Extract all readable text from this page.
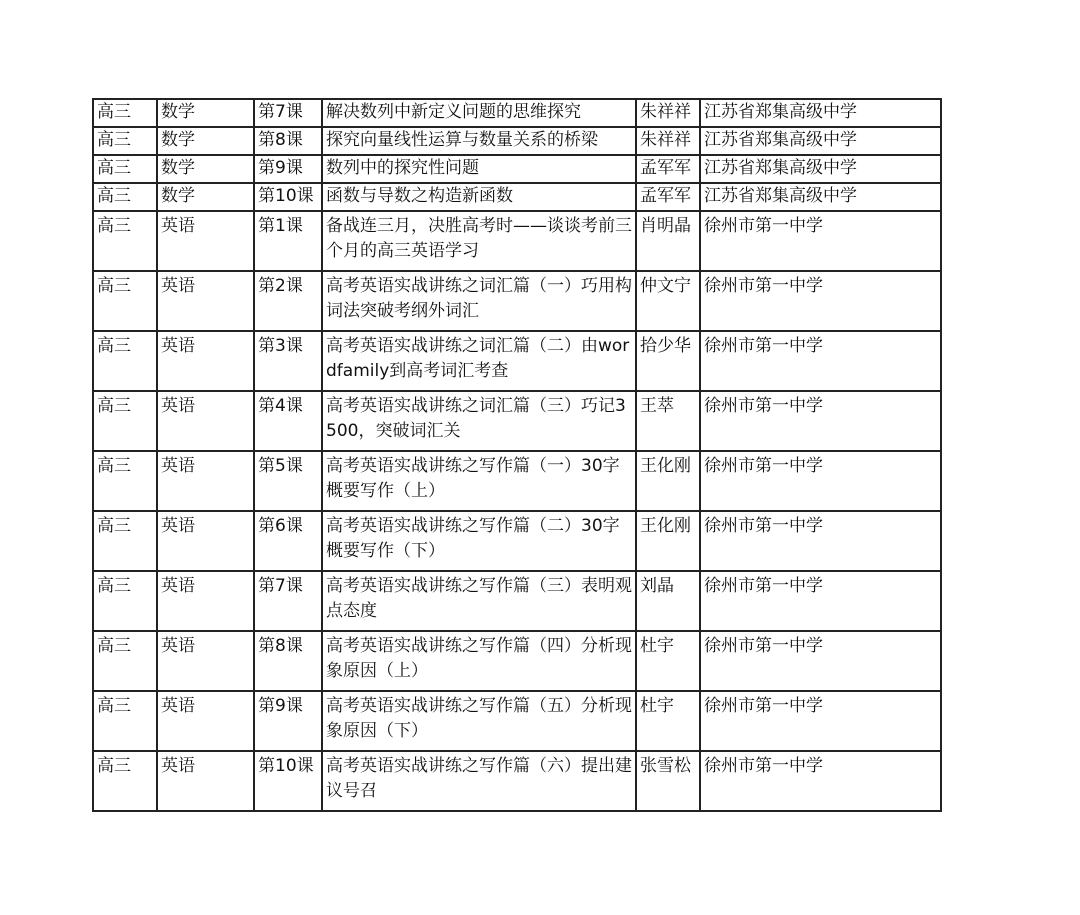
高三	数学	第7课	解决数列中新定义问题的思维探究	朱祥祥	江苏省郑集高级中学
高三	数学	第8课	探究向量线性运算与数量关系的桥梁	朱祥祥	江苏省郑集高级中学
高三	数学	第9课	数列中的探究性问题	孟军军	江苏省郑集高级中学
高三	数学	第10课	函数与导数之构造新函数	孟军军	江苏省郑集高级中学
高三	英语	第1课	备战连三月，决胜高考时——谈谈考前三个月的高三英语学习	肖明晶	徐州市第一中学
高三	英语	第2课	高考英语实战讲练之词汇篇（一）巧用构词法突破考纲外词汇	仲文宁	徐州市第一中学
高三	英语	第3课	高考英语实战讲练之词汇篇（二）由wordfamily到高考词汇考查	拾少华	徐州市第一中学
高三	英语	第4课	高考英语实战讲练之词汇篇（三）巧记3500，突破词汇关	王萃	徐州市第一中学
高三	英语	第5课	高考英语实战讲练之写作篇（一）30字概要写作（上）	王化刚	徐州市第一中学
高三	英语	第6课	高考英语实战讲练之写作篇（二）30字概要写作（下）	王化刚	徐州市第一中学
高三	英语	第7课	高考英语实战讲练之写作篇（三）表明观点态度	刘晶	徐州市第一中学
高三	英语	第8课	高考英语实战讲练之写作篇（四）分析现象原因（上）	杜宇	徐州市第一中学
高三	英语	第9课	高考英语实战讲练之写作篇（五）分析现象原因（下）	杜宇	徐州市第一中学
高三	英语	第10课	高考英语实战讲练之写作篇（六）提出建议号召	张雪松	徐州市第一中学
